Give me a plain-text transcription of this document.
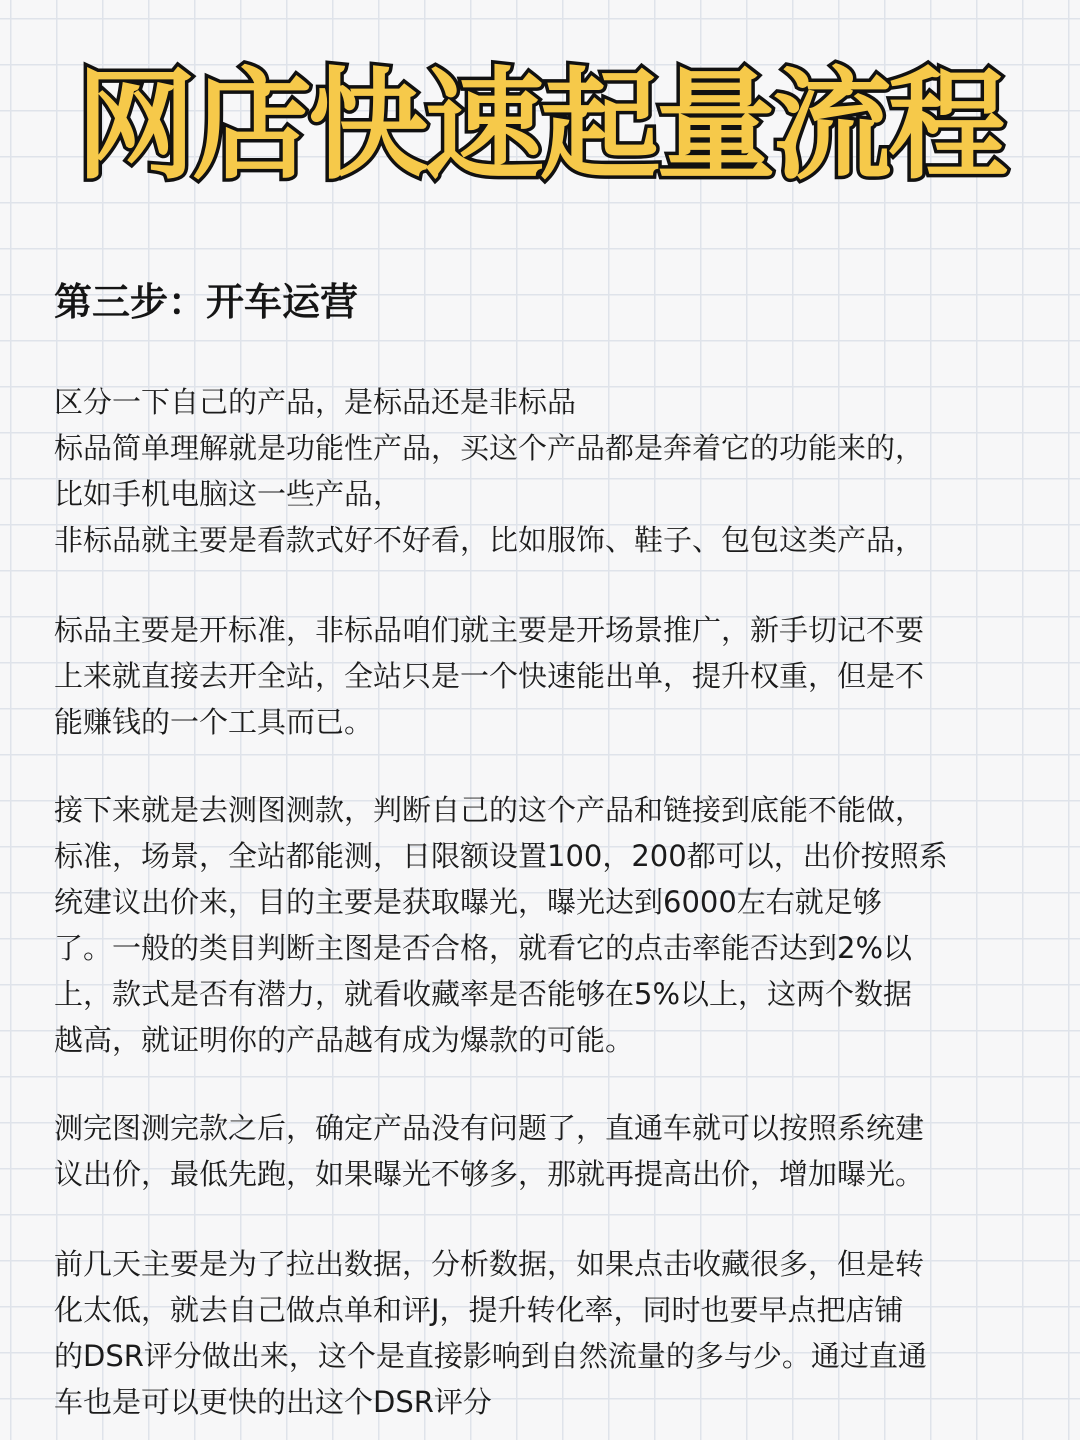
网店快速起量流程
第三步：开车运营
区分一下自己的产品，是标品还是非标品
标品简单理解就是功能性产品，买这个产品都是奔着它的功能来的，
比如手机电脑这一些产品，
非标品就主要是看款式好不好看，比如服饰、鞋子、包包这类产品，
标品主要是开标准，非标品咱们就主要是开场景推广，新手切记不要
上来就直接去开全站，全站只是一个快速能出单，提升权重，但是不
能赚钱的一个工具而已。
接下来就是去测图测款，判断自己的这个产品和链接到底能不能做，
标准，场景，全站都能测，日限额设置100，200都可以，出价按照系
统建议出价来，目的主要是获取曝光，曝光达到6000左右就足够
了。一般的类目判断主图是否合格，就看它的点击率能否达到2%以
上，款式是否有潜力，就看收藏率是否能够在5%以上，这两个数据
越高，就证明你的产品越有成为爆款的可能。
测完图测完款之后，确定产品没有问题了，直通车就可以按照系统建
议出价，最低先跑，如果曝光不够多，那就再提高出价，增加曝光。
前几天主要是为了拉出数据，分析数据，如果点击收藏很多，但是转
化太低，就去自己做点单和评J，提升转化率，同时也要早点把店铺
的DSR评分做出来，这个是直接影响到自然流量的多与少。通过直通
车也是可以更快的出这个DSR评分
